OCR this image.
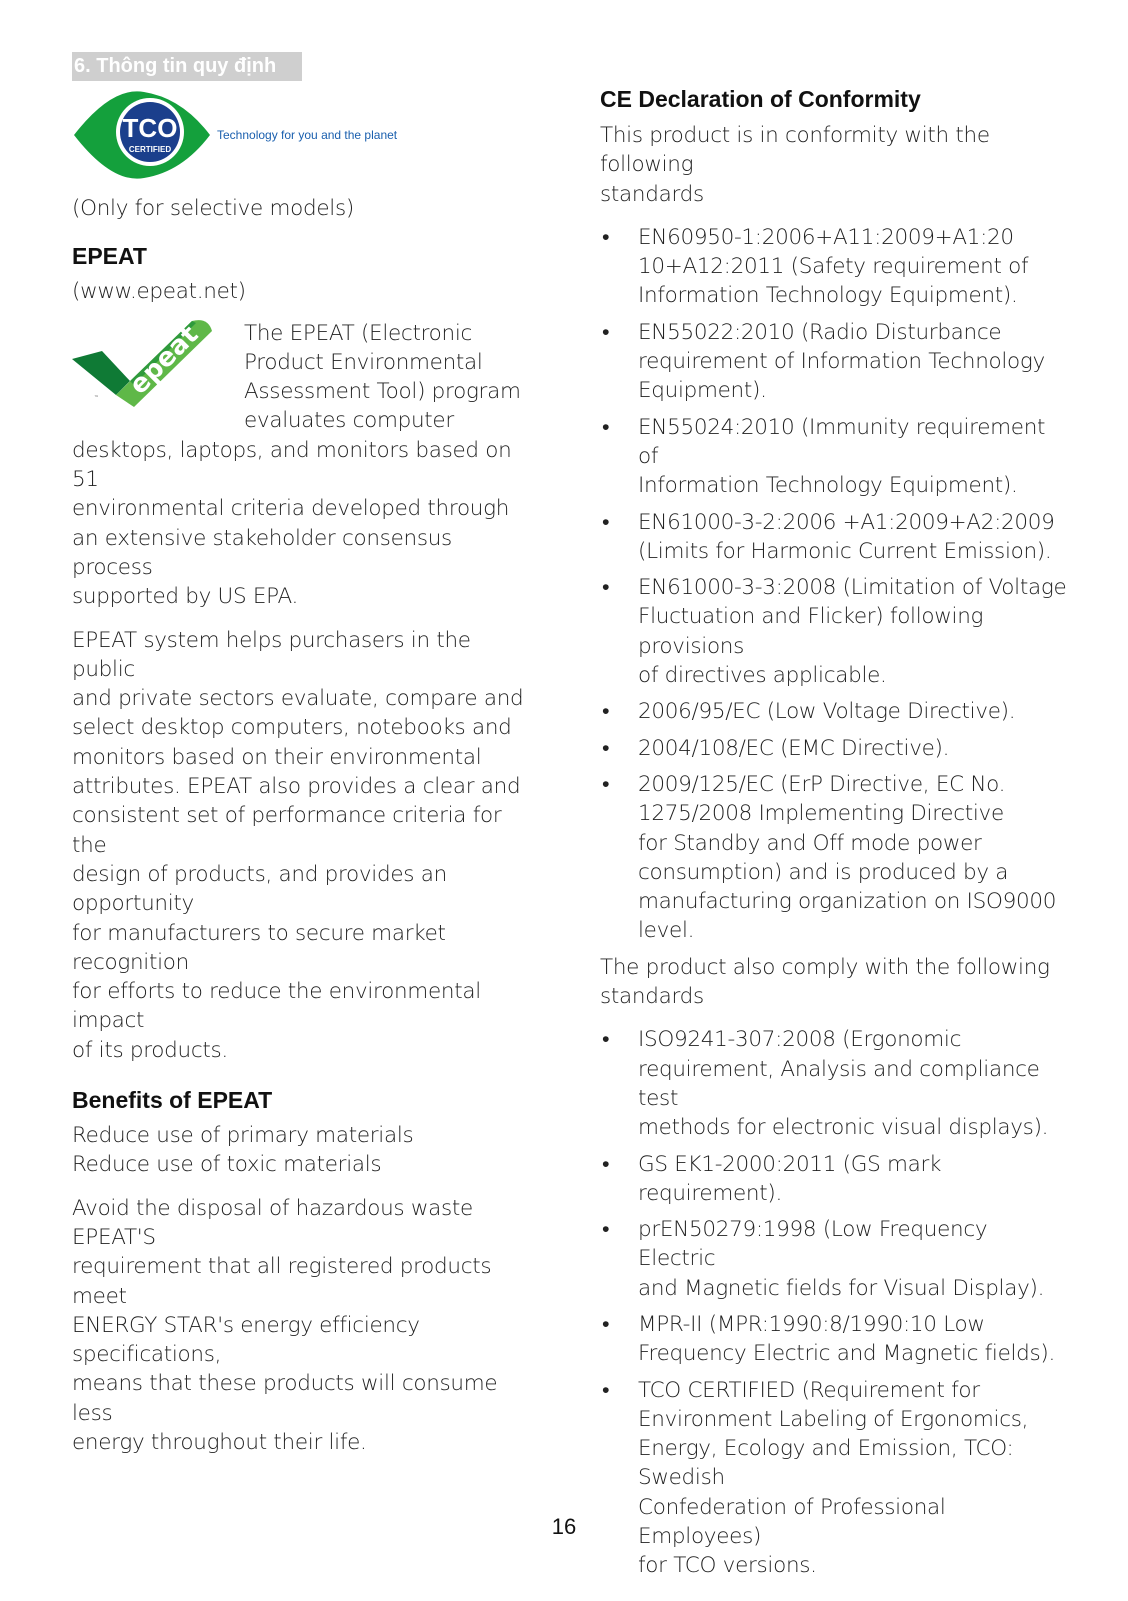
6. Thông tin quy định
TCO
CERTIFIED
Technology for you and the planet

(Only for selective models)

EPEAT

(www.epeat.net)

epeat
™

The EPEAT (Electronic

Product Environmental

Assessment Tool) program

evaluates computer

desktops, laptops, and monitors based on 51

environmental criteria developed through

an extensive stakeholder consensus process

supported by US EPA.

EPEAT system helps purchasers in the public

and private sectors evaluate, compare and

select desktop computers, notebooks and

monitors based on their environmental

attributes. EPEAT also provides a clear and

consistent set of performance criteria for the

design of products, and provides an opportunity

for manufacturers to secure market recognition

for efforts to reduce the environmental impact

of its products.

Benefits of EPEAT

Reduce use of primary materials

Reduce use of toxic materials

Avoid the disposal of hazardous waste EPEAT'S

requirement that all registered products meet

ENERGY STAR's energy efficiency specifications,

means that these products will consume less

energy throughout their life.

CE Declaration of Conformity

This product is in conformity with the following

standards

• EN60950-1:2006+A11:2009+A1:20
10+A12:2011 (Safety requirement of
Information Technology Equipment).
• EN55022:2010 (Radio Disturbance
requirement of Information Technology
Equipment).
• EN55024:2010 (Immunity requirement of
Information Technology Equipment).
• EN61000-3-2:2006 +A1:2009+A2:2009
(Limits for Harmonic Current Emission).
• EN61000-3-3:2008 (Limitation of Voltage
Fluctuation and Flicker) following provisions
of directives applicable.
• 2006/95/EC (Low Voltage Directive).
• 2004/108/EC (EMC Directive).
• 2009/125/EC (ErP Directive, EC No.
1275/2008 Implementing Directive
for Standby and Off mode power
consumption) and is produced by a
manufacturing organization on ISO9000
level.

The product also comply with the following

standards

• ISO9241-307:2008 (Ergonomic
requirement, Analysis and compliance test
methods for electronic visual displays).
• GS EK1-2000:2011 (GS mark requirement).
• prEN50279:1998 (Low Frequency Electric
and Magnetic fields for Visual Display).
• MPR-II (MPR:1990:8/1990:10 Low
Frequency Electric and Magnetic fields).
• TCO CERTIFIED (Requirement for
Environment Labeling of Ergonomics,
Energy, Ecology and Emission, TCO: Swedish
Confederation of Professional Employees)
for TCO versions.
16
